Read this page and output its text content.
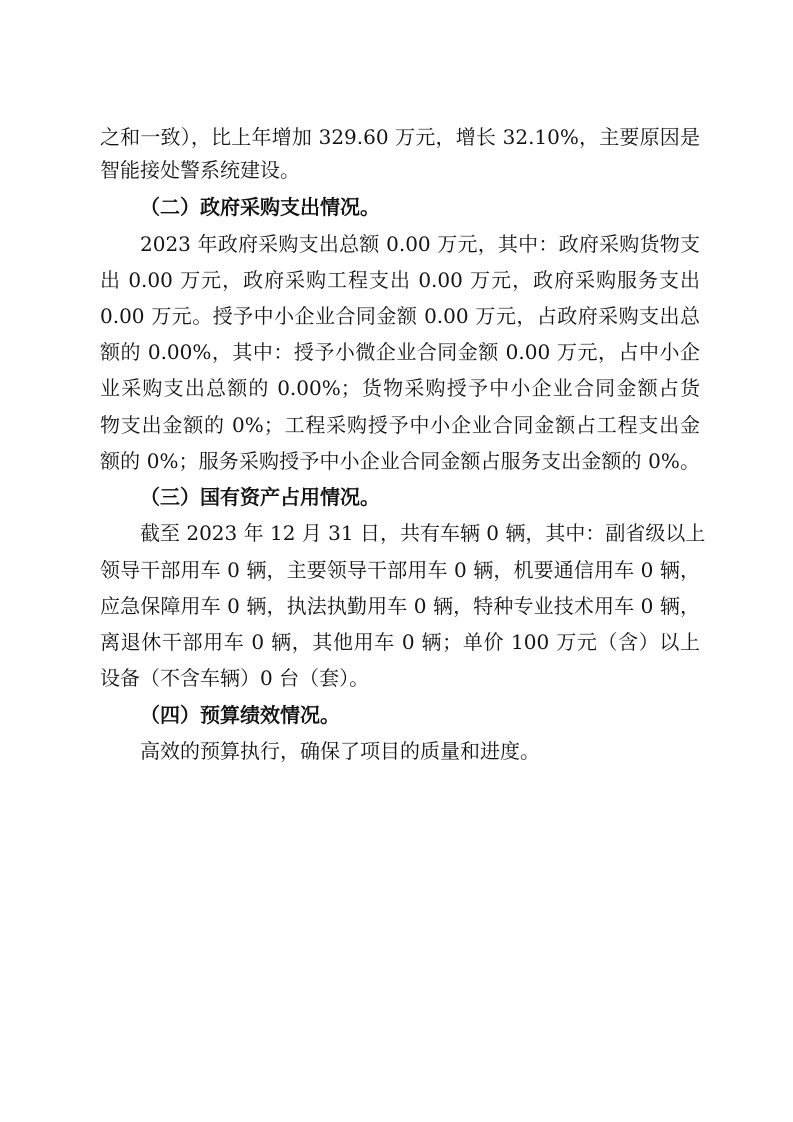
之和一致），比上年增加 329.60 万元，增长 32.10%，主要原因是
智能接处警系统建设。
（二）政府采购支出情况。
2023 年政府采购支出总额 0.00 万元，其中：政府采购货物支
出 0.00 万元，政府采购工程支出 0.00 万元，政府采购服务支出
0.00 万元。授予中小企业合同金额 0.00 万元，占政府采购支出总
额的 0.00%，其中：授予小微企业合同金额 0.00 万元，占中小企
业采购支出总额的 0.00%；货物采购授予中小企业合同金额占货
物支出金额的 0%；工程采购授予中小企业合同金额占工程支出金
额的 0%；服务采购授予中小企业合同金额占服务支出金额的 0%。
（三）国有资产占用情况。
截至 2023 年 12 月 31 日，共有车辆 0 辆，其中：副省级以上
领导干部用车 0 辆，主要领导干部用车 0 辆，机要通信用车 0 辆，
应急保障用车 0 辆，执法执勤用车 0 辆，特种专业技术用车 0 辆，
离退休干部用车 0 辆，其他用车 0 辆；单价 100 万元（含）以上
设备（不含车辆）0 台（套）。
（四）预算绩效情况。
高效的预算执行，确保了项目的质量和进度。
